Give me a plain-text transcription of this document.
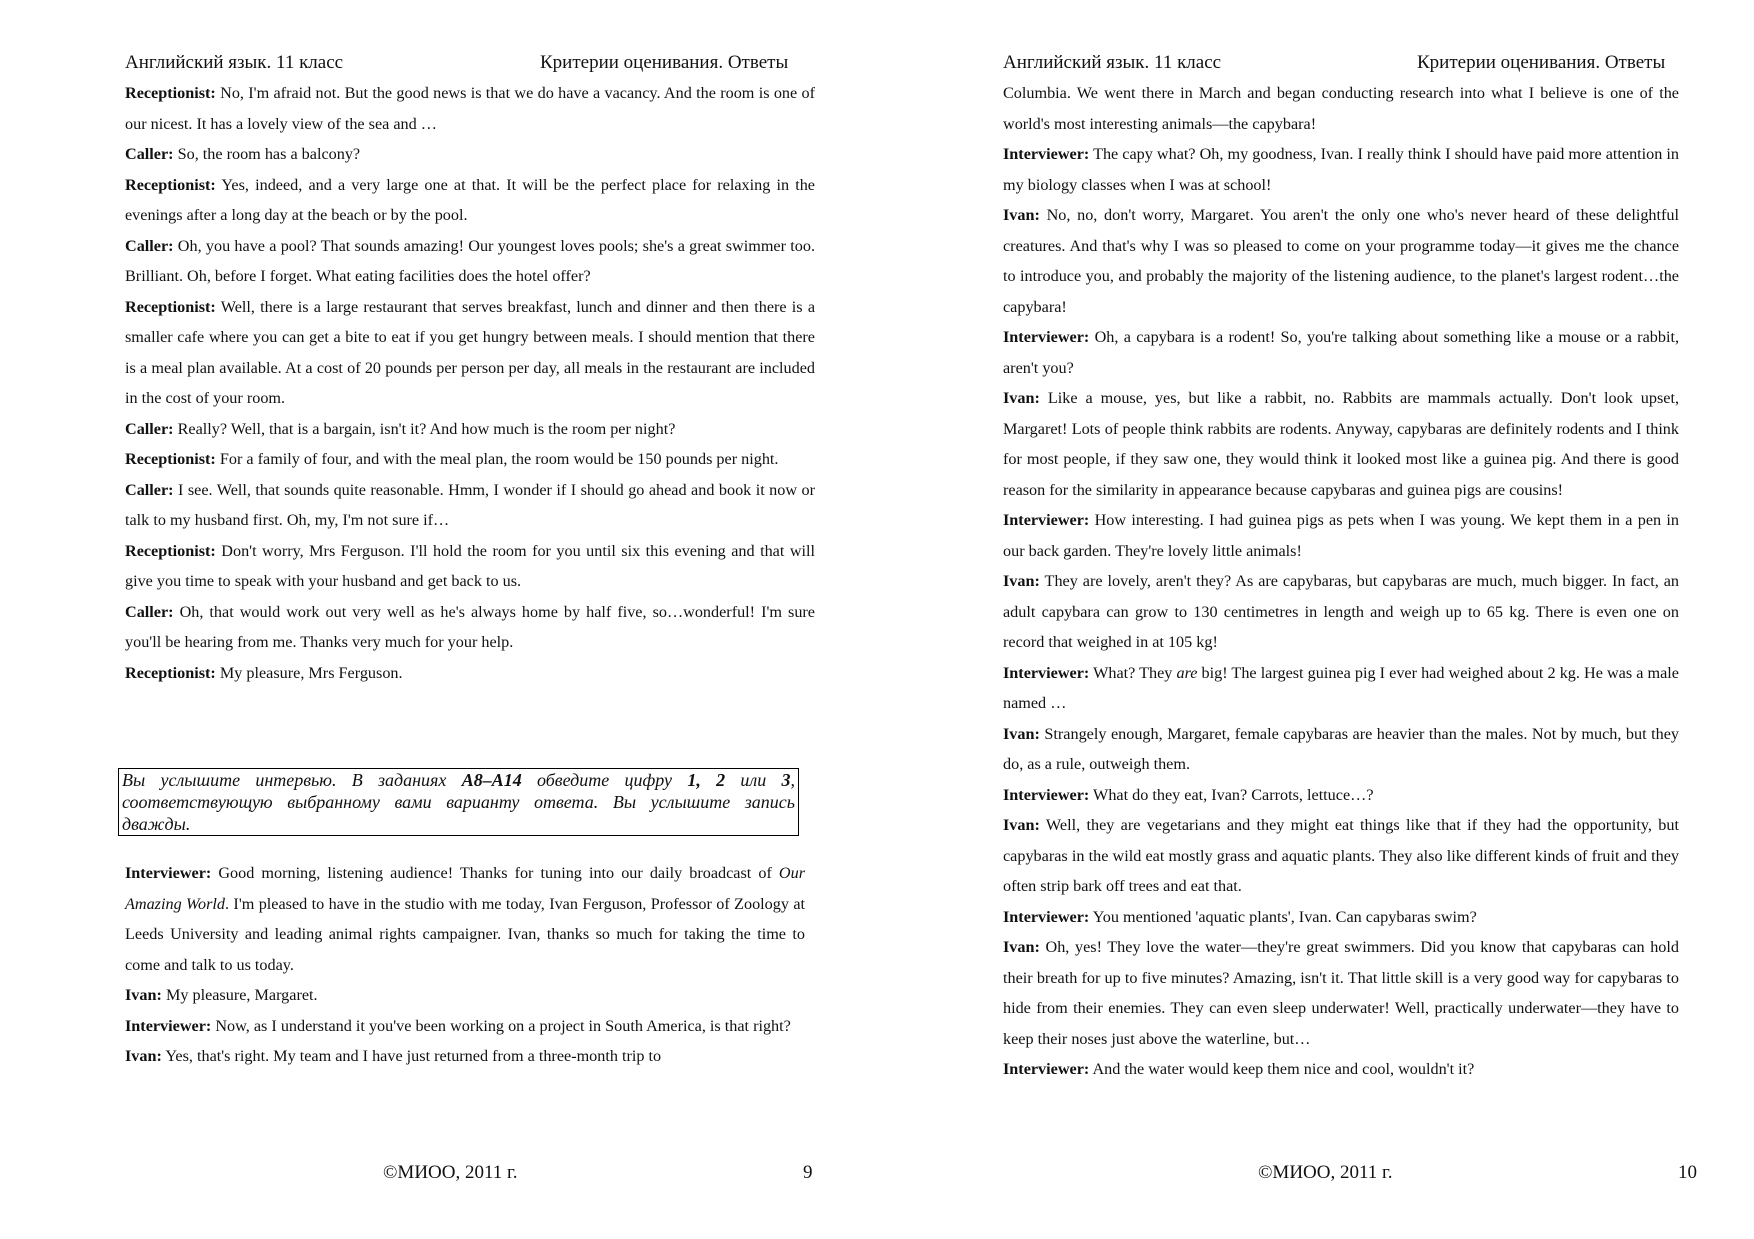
Английский язык. 11 класс	Критерии оценивания. Ответы

Receptionist: No, I'm afraid not. But the good news is that we do have a vacancy. And the room is one of our nicest. It has a lovely view of the sea and …

Caller: So, the room has a balcony?

Receptionist: Yes, indeed, and a very large one at that. It will be the perfect place for relaxing in the evenings after a long day at the beach or by the pool.

Caller: Oh, you have a pool? That sounds amazing! Our youngest loves pools; she's a great swimmer too. Brilliant. Oh, before I forget. What eating facilities does the hotel offer?

Receptionist: Well, there is a large restaurant that serves breakfast, lunch and dinner and then there is a smaller cafe where you can get a bite to eat if you get hungry between meals. I should mention that there is a meal plan available. At a cost of 20 pounds per person per day, all meals in the restaurant are included in the cost of your room.

Caller: Really? Well, that is a bargain, isn't it? And how much is the room per night?

Receptionist: For a family of four, and with the meal plan, the room would be 150 pounds per night.

Caller: I see. Well, that sounds quite reasonable. Hmm, I wonder if I should go ahead and book it now or talk to my husband first. Oh, my, I'm not sure if…

Receptionist: Don't worry, Mrs Ferguson. I'll hold the room for you until six this evening and that will give you time to speak with your husband and get back to us.

Caller: Oh, that would work out very well as he's always home by half five, so…wonderful! I'm sure you'll be hearing from me. Thanks very much for your help.

Receptionist: My pleasure, Mrs Ferguson.

Вы услышите интервью. В заданиях A8–A14 обведите цифру 1, 2 или 3, соответствующую выбранному вами варианту ответа. Вы услышите запись дважды.

Interviewer: Good morning, listening audience! Thanks for tuning into our daily broadcast of Our Amazing World. I'm pleased to have in the studio with me today, Ivan Ferguson, Professor of Zoology at Leeds University and leading animal rights campaigner. Ivan, thanks so much for taking the time to come and talk to us today.

Ivan: My pleasure, Margaret.

Interviewer: Now, as I understand it you've been working on a project in South America, is that right?

Ivan: Yes, that's right. My team and I have just returned from a three-month trip to

©МИОО, 2011 г.	9
Английский язык. 11 класс	Критерии оценивания. Ответы

Columbia. We went there in March and began conducting research into what I believe is one of the world's most interesting animals—the capybara!

Interviewer: The capy what? Oh, my goodness, Ivan. I really think I should have paid more attention in my biology classes when I was at school!

Ivan: No, no, don't worry, Margaret. You aren't the only one who's never heard of these delightful creatures. And that's why I was so pleased to come on your programme today—it gives me the chance to introduce you, and probably the majority of the listening audience, to the planet's largest rodent…the capybara!

Interviewer: Oh, a capybara is a rodent! So, you're talking about something like a mouse or a rabbit, aren't you?

Ivan: Like a mouse, yes, but like a rabbit, no. Rabbits are mammals actually. Don't look upset, Margaret! Lots of people think rabbits are rodents. Anyway, capybaras are definitely rodents and I think for most people, if they saw one, they would think it looked most like a guinea pig. And there is good reason for the similarity in appearance because capybaras and guinea pigs are cousins!

Interviewer: How interesting. I had guinea pigs as pets when I was young. We kept them in a pen in our back garden. They're lovely little animals!

Ivan: They are lovely, aren't they? As are capybaras, but capybaras are much, much bigger. In fact, an adult capybara can grow to 130 centimetres in length and weigh up to 65 kg. There is even one on record that weighed in at 105 kg!

Interviewer: What? They are big! The largest guinea pig I ever had weighed about 2 kg. He was a male named …

Ivan: Strangely enough, Margaret, female capybaras are heavier than the males. Not by much, but they do, as a rule, outweigh them.

Interviewer: What do they eat, Ivan? Carrots, lettuce…?

Ivan: Well, they are vegetarians and they might eat things like that if they had the opportunity, but capybaras in the wild eat mostly grass and aquatic plants. They also like different kinds of fruit and they often strip bark off trees and eat that.

Interviewer: You mentioned 'aquatic plants', Ivan. Can capybaras swim?

Ivan: Oh, yes! They love the water—they're great swimmers. Did you know that capybaras can hold their breath for up to five minutes? Amazing, isn't it. That little skill is a very good way for capybaras to hide from their enemies. They can even sleep underwater! Well, practically underwater—they have to keep their noses just above the waterline, but…

Interviewer: And the water would keep them nice and cool, wouldn't it?

©МИОО, 2011 г.	10
